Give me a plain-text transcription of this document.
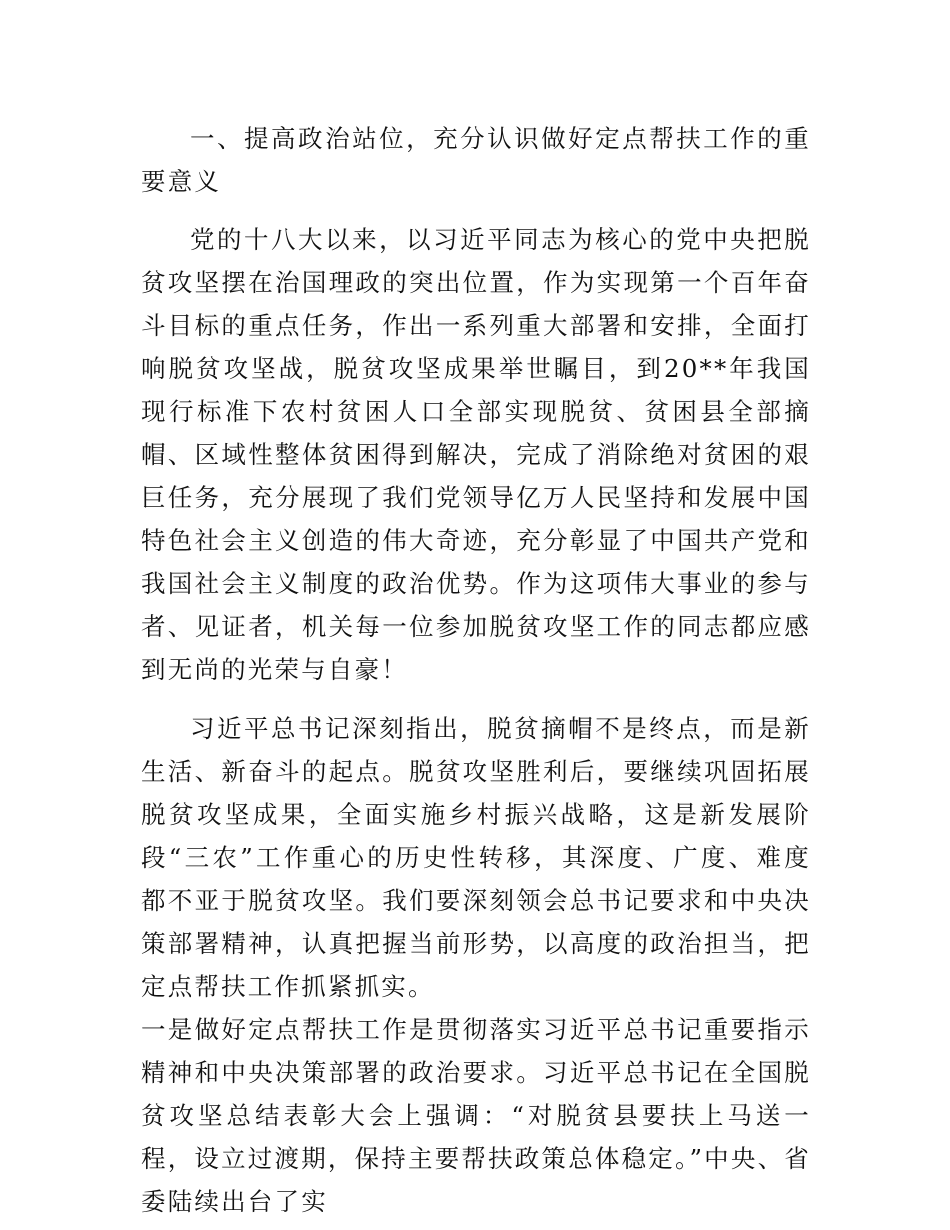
一、提高政治站位，充分认识做好定点帮扶工作的重要意义

党的十八大以来，以习近平同志为核心的党中央把脱贫攻坚摆在治国理政的突出位置，作为实现第一个百年奋斗目标的重点任务，作出一系列重大部署和安排，全面打响脱贫攻坚战，脱贫攻坚成果举世瞩目，到20**年我国现行标准下农村贫困人口全部实现脱贫、贫困县全部摘帽、区域性整体贫困得到解决，完成了消除绝对贫困的艰巨任务，充分展现了我们党领导亿万人民坚持和发展中国特色社会主义创造的伟大奇迹，充分彰显了中国共产党和我国社会主义制度的政治优势。作为这项伟大事业的参与者、见证者，机关每一位参加脱贫攻坚工作的同志都应感到无尚的光荣与自豪！

习近平总书记深刻指出，脱贫摘帽不是终点，而是新生活、新奋斗的起点。脱贫攻坚胜利后，要继续巩固拓展脱贫攻坚成果，全面实施乡村振兴战略，这是新发展阶段“三农”工作重心的历史性转移，其深度、广度、难度都不亚于脱贫攻坚。我们要深刻领会总书记要求和中央决策部署精神，认真把握当前形势，以高度的政治担当，把定点帮扶工作抓紧抓实。

一是做好定点帮扶工作是贯彻落实习近平总书记重要指示精神和中央决策部署的政治要求。习近平总书记在全国脱贫攻坚总结表彰大会上强调：“对脱贫县要扶上马送一程，设立过渡期，保持主要帮扶政策总体稳定。”中央、省委陆续出台了实
